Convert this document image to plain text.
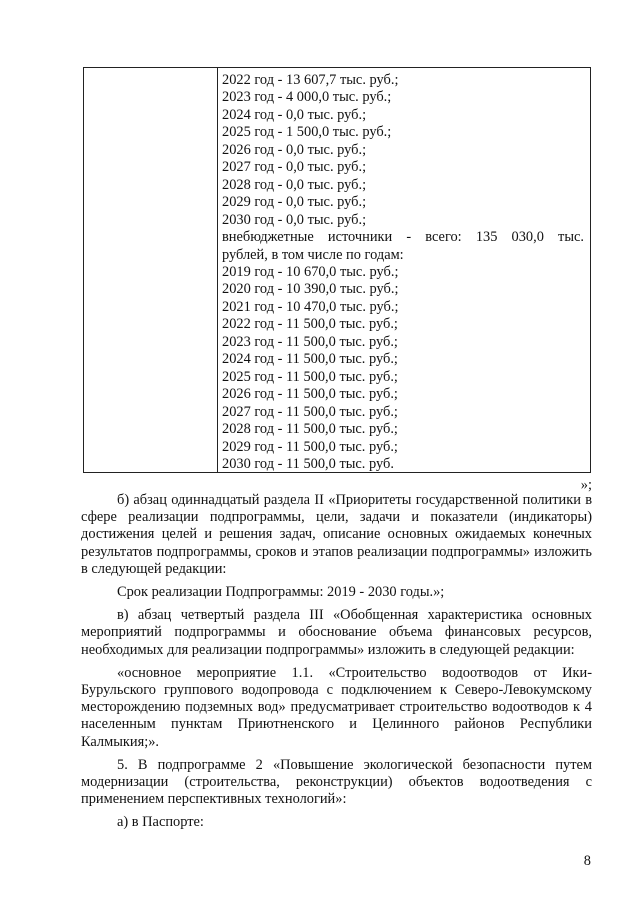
2022 год - 13 607,7 тыс. руб.;
2023 год - 4 000,0 тыс. руб.;
2024 год - 0,0 тыс. руб.;
2025 год - 1 500,0 тыс. руб.;
2026 год - 0,0 тыс. руб.;
2027 год - 0,0 тыс. руб.;
2028 год - 0,0 тыс. руб.;
2029 год - 0,0 тыс. руб.;
2030 год - 0,0 тыс. руб.;
внебюджетные источники - всего: 135 030,0 тыс.
рублей, в том числе по годам:
2019 год - 10 670,0 тыс. руб.;
2020 год - 10 390,0 тыс. руб.;
2021 год - 10 470,0 тыс. руб.;
2022 год - 11 500,0 тыс. руб.;
2023 год - 11 500,0 тыс. руб.;
2024 год - 11 500,0 тыс. руб.;
2025 год - 11 500,0 тыс. руб.;
2026 год - 11 500,0 тыс. руб.;
2027 год - 11 500,0 тыс. руб.;
2028 год - 11 500,0 тыс. руб.;
2029 год - 11 500,0 тыс. руб.;
2030 год - 11 500,0 тыс. руб.
»;

б) абзац одиннадцатый раздела II «Приоритеты государственной политики в сфере реализации подпрограммы, цели, задачи и показатели (индикаторы) достижения целей и решения задач, описание основных ожидаемых конечных результатов подпрограммы, сроков и этапов реализации подпрограммы» изложить в следующей редакции:

Срок реализации Подпрограммы: 2019 - 2030 годы.»;

в) абзац четвертый раздела III «Обобщенная характеристика основных мероприятий подпрограммы и обоснование объема финансовых ресурсов, необходимых для реализации подпрограммы» изложить в следующей редакции:

«основное мероприятие 1.1. «Строительство водоотводов от Ики-Бурульского группового водопровода с подключением к Северо-Левокумскому месторождению подземных вод» предусматривает строительство водоотводов к 4 населенным пунктам Приютненского и Целинного районов Республики Калмыкия;».

5. В подпрограмме 2 «Повышение экологической безопасности путем модернизации (строительства, реконструкции) объектов водоотведения с применением перспективных технологий»:

а) в Паспорте:

8
